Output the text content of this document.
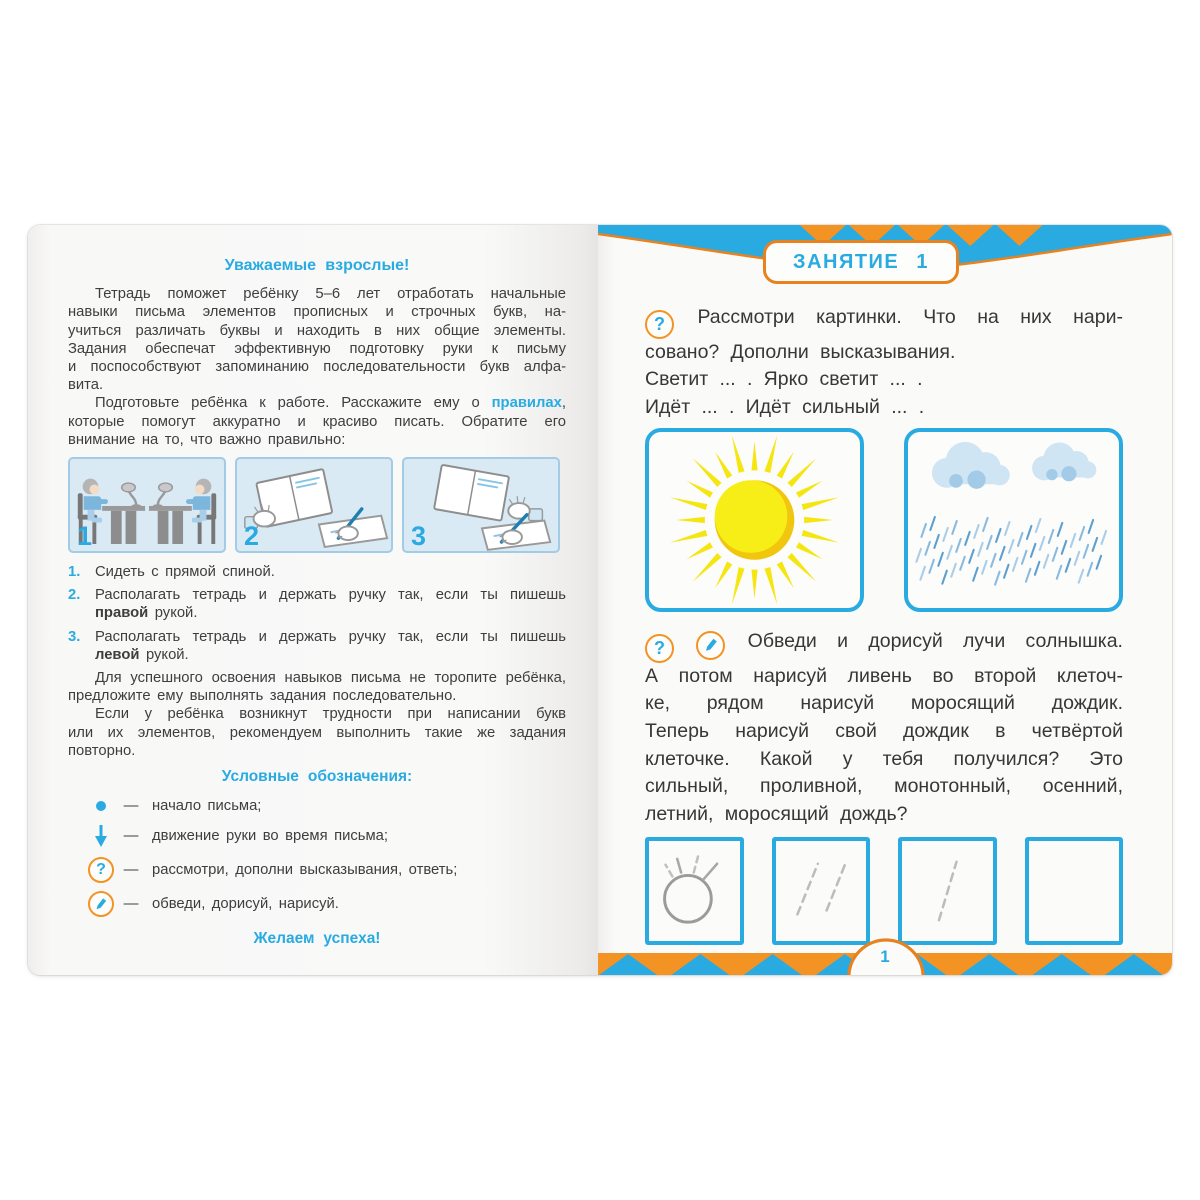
Уважаемые взрослые!
Тетрадь поможет ребёнку 5–6 лет отработать начальные
навыки письма элементов прописных и строчных букв, на-
учиться различать буквы и находить в них общие элементы.
Задания обеспечат эффективную подготовку руки к письму
и поспособствуют запоминанию последовательности букв алфа-
вита.
Подготовьте ребёнка к работе. Расскажите ему о правилах,
которые помогут аккуратно и красиво писать. Обратите его
внимание на то, что важно правильно:
1	2	3
1. Сидеть с прямой спиной.
2. Располагать тетрадь и держать ручку так, если ты пишешь
правой рукой.
3. Располагать тетрадь и держать ручку так, если ты пишешь
левой рукой.
Для успешного освоения навыков письма не торопите ребёнка,
предложите ему выполнять задания последовательно.
Если у ребёнка возникнут трудности при написании букв
или их элементов, рекомендуем выполнить такие же задания
повторно.
Условные обозначения:
— начало письма;
— движение руки во время письма;
?	— рассмотри, дополни высказывания, ответь;
— обведи, дорисуй, нарисуй.
Желаем успеха!
ЗАНЯТИЕ 1
? Рассмотри картинки. Что на них нари-
совано? Дополни высказывания.
Светит ... . Ярко светит ... .
Идёт ... . Идёт сильный ... .
?	Обведи и дорисуй лучи солнышка.
А потом нарисуй ливень во второй клеточ-
ке, рядом нарисуй моросящий дождик.
Теперь нарисуй свой дождик в четвёртой
клеточке. Какой у тебя получился? Это
сильный, проливной, монотонный, осенний,
летний, моросящий дождь?
1
